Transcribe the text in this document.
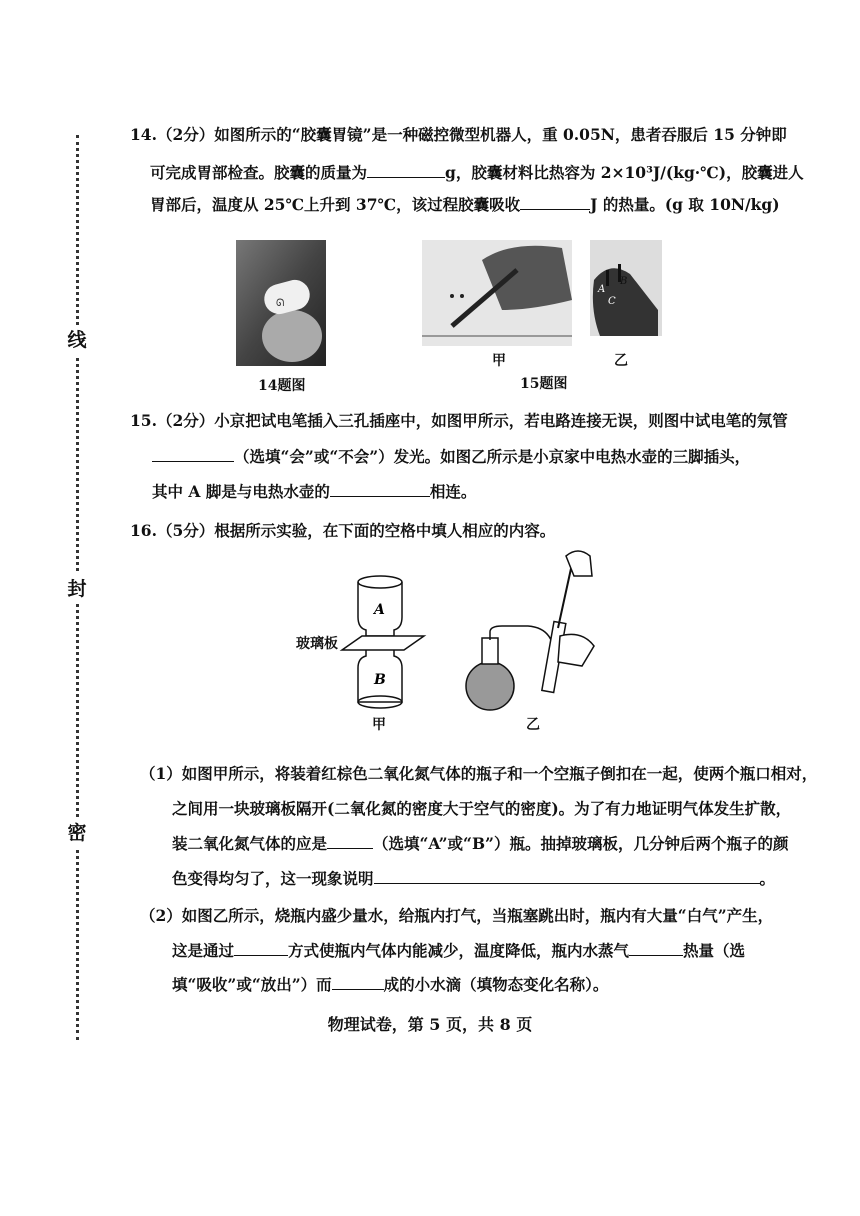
线
封
密
14.（2分）如图所示的“胶囊胃镜”是一种磁控微型机器人，重 0.05N，患者吞服后 15 分钟即
可完成胃部检查。胶囊的质量为	g，胶囊材料比热容为 2×10³J/(kg·℃)，胶囊进人
胃部后，温度从 25℃上升到 37℃，该过程胶囊吸收	J 的热量。(g 取 10N/kg)
ᘏ
14题图
A
B
C
甲	乙
15题图
15.（2分）小京把试电笔插入三孔插座中，如图甲所示，若电路连接无误，则图中试电笔的氖管
（选填“会”或“不会”）发光。如图乙所示是小京家中电热水壶的三脚插头，
其中 A 脚是与电热水壶的	相连。
16.（5分）根据所示实验，在下面的空格中填人相应的内容。
A
B
玻璃板
甲	乙
（1）如图甲所示，将装着红棕色二氧化氮气体的瓶子和一个空瓶子倒扣在一起，使两个瓶口相对，
之间用一块玻璃板隔开(二氧化氮的密度大于空气的密度)。为了有力地证明气体发生扩散，
装二氧化氮气体的应是	（选填“A”或“B”）瓶。抽掉玻璃板，几分钟后两个瓶子的颜
色变得均匀了，这一现象说明	。
（2）如图乙所示，烧瓶内盛少量水，给瓶内打气，当瓶塞跳出时，瓶内有大量“白气”产生，
这是通过	方式使瓶内气体内能减少，温度降低，瓶内水蒸气	热量（选
填“吸收”或“放出”）而	成的小水滴（填物态变化名称）。
物理试卷，第 5 页，共 8 页
